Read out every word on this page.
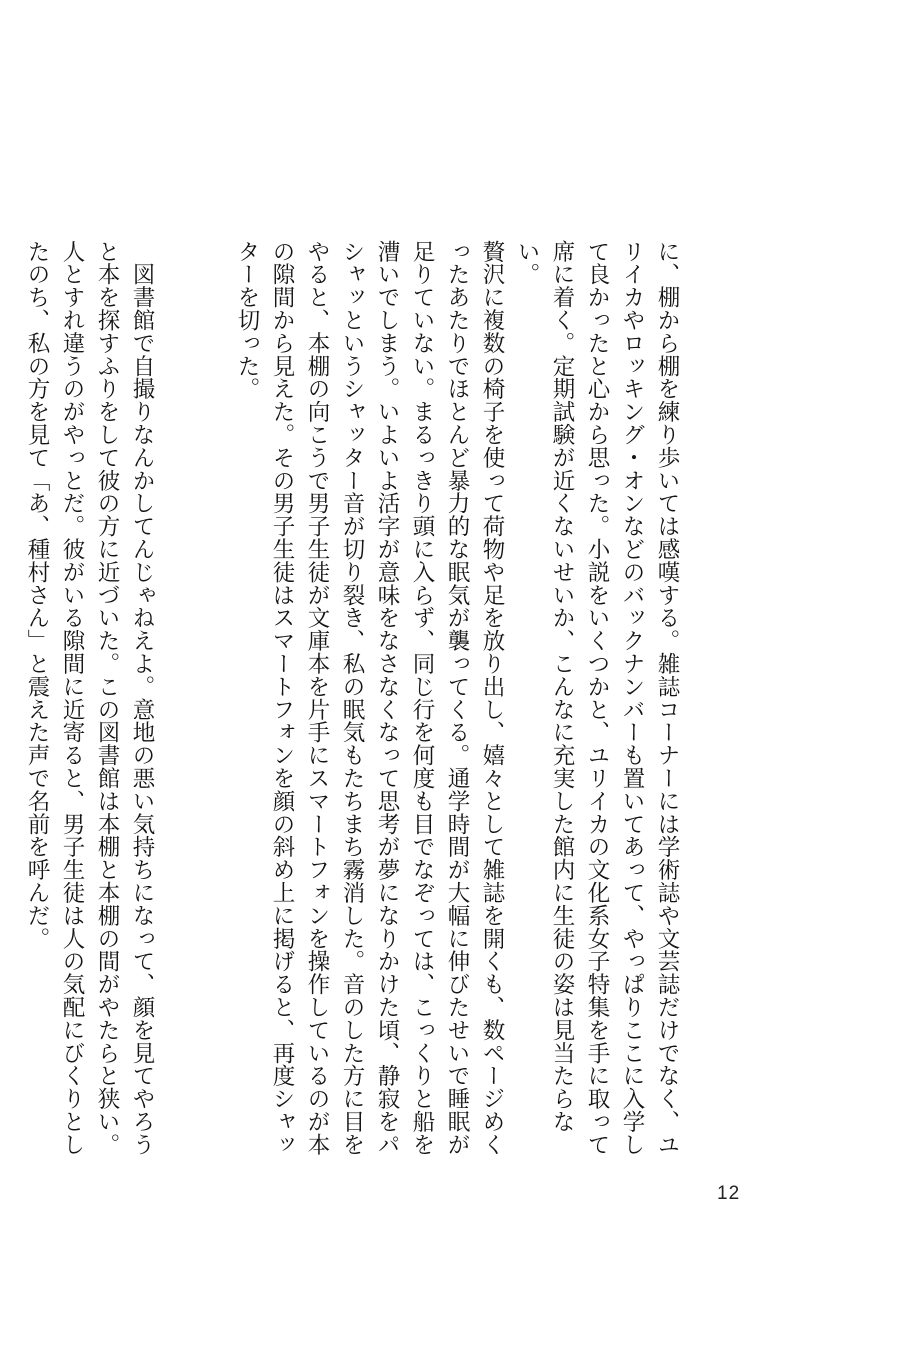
に、棚から棚を練り歩いては感嘆する。雑誌コーナーには学術誌や文芸誌だけでなく、ユ
リイカやロッキング・オンなどのバックナンバーも置いてあって、やっぱりここに入学し
て良かったと心から思った。小説をいくつかと、ユリイカの文化系女子特集を手に取って
席に着く。定期試験が近くないせいか、こんなに充実した館内に生徒の姿は見当たらない。
贅沢に複数の椅子を使って荷物や足を放り出し、嬉々として雑誌を開くも、数ページめく
ったあたりでほとんど暴力的な眠気が襲ってくる。通学時間が大幅に伸びたせいで睡眠が
足りていない。まるっきり頭に入らず、同じ行を何度も目でなぞっては、こっくりと船を
漕いでしまう。いよいよ活字が意味をなさなくなって思考が夢になりかけた頃、静寂をパ
シャッというシャッター音が切り裂き、私の眠気もたちまち霧消した。音のした方に目を
やると、本棚の向こうで男子生徒が文庫本を片手にスマートフォンを操作しているのが本
の隙間から見えた。その男子生徒はスマートフォンを顔の斜め上に掲げると、再度シャッ
ターを切った。

　図書館で自撮りなんかしてんじゃねえよ。意地の悪い気持ちになって、顔を見てやろう
と本を探すふりをして彼の方に近づいた。この図書館は本棚と本棚の間がやたらと狭い。
人とすれ違うのがやっとだ。彼がいる隙間に近寄ると、男子生徒は人の気配にびくりとし
たのち、私の方を見て「あ、種村さん」と震えた声で名前を呼んだ。

12
